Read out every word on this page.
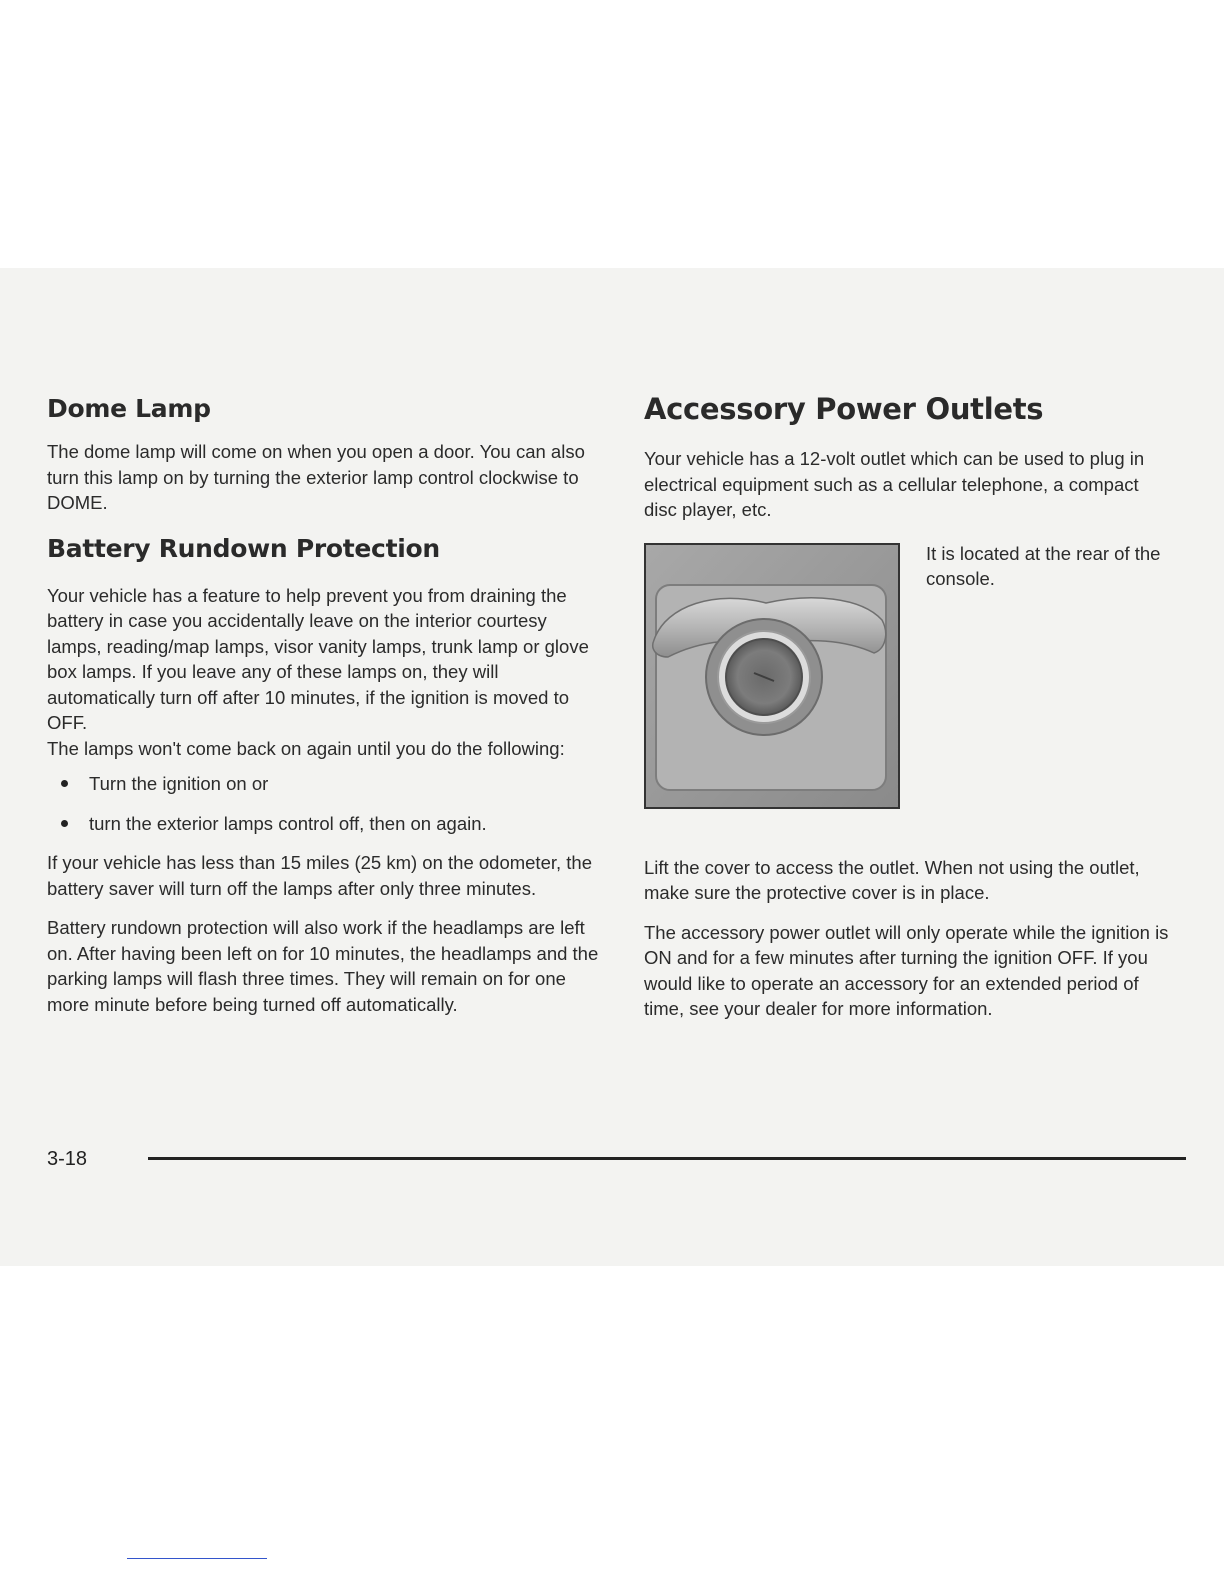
Dome Lamp

The dome lamp will come on when you open a door. You can also turn this lamp on by turning the exterior lamp control clockwise to DOME.

Battery Rundown Protection

Your vehicle has a feature to help prevent you from draining the battery in case you accidentally leave on the interior courtesy lamps, reading/map lamps, visor vanity lamps, trunk lamp or glove box lamps. If you leave any of these lamps on, they will automatically turn off after 10 minutes, if the ignition is moved to OFF.

The lamps won't come back on again until you do the following:

Turn the ignition on or
turn the exterior lamps control off, then on again.

If your vehicle has less than 15 miles (25 km) on the odometer, the battery saver will turn off the lamps after only three minutes.

Battery rundown protection will also work if the headlamps are left on. After having been left on for 10 minutes, the headlamps and the parking lamps will flash three times. They will remain on for one more minute before being turned off automatically.

Accessory Power Outlets

Your vehicle has a 12-volt outlet which can be used to plug in electrical equipment such as a cellular telephone, a compact disc player, etc.

It is located at the rear of the console.

Lift the cover to access the outlet. When not using the outlet, make sure the protective cover is in place.

The accessory power outlet will only operate while the ignition is ON and for a few minutes after turning the ignition OFF. If you would like to operate an accessory for an extended period of time, see your dealer for more information.

3-18
